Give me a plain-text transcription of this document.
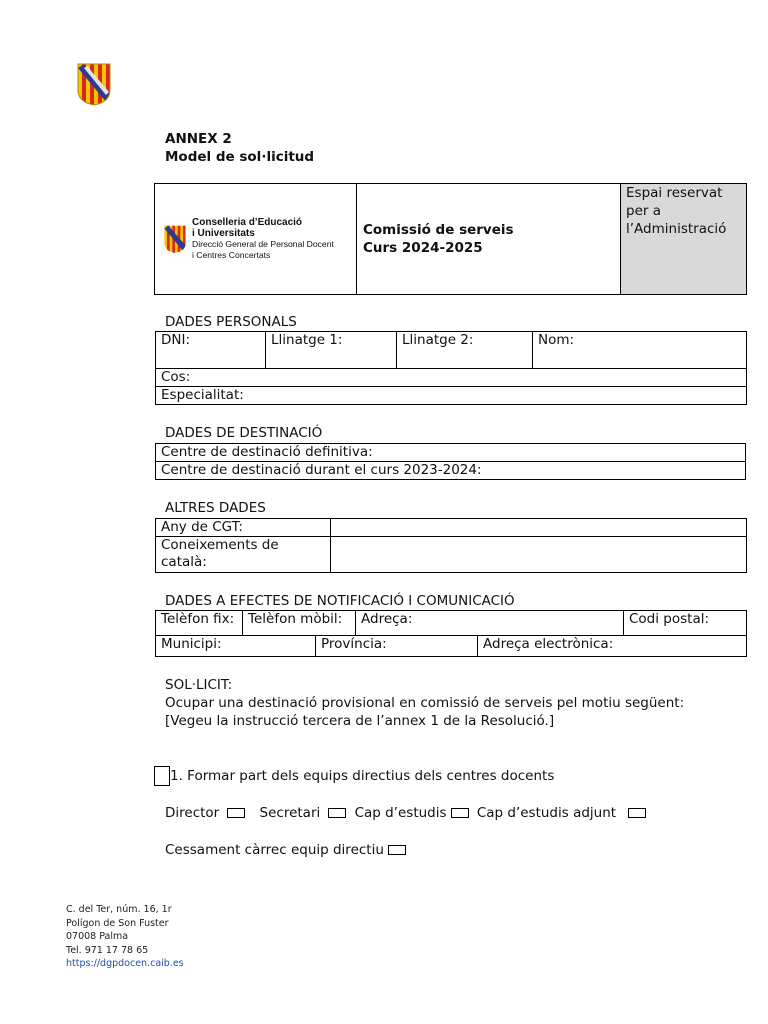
ANNEX 2
Model de sol·licitud
Conselleria d’Educació
i Universitats
Direcció General de Personal Docent
i Centres Concertats

Comissió de serveis
Curs 2024-2025

Espai reservat
per a
l’Administració
DADES PERSONALS
DNI:	Llinatge 1:	Llinatge 2:	Nom:
Cos:
Especialitat:
DADES DE DESTINACIÓ
Centre de destinació definitiva:
Centre de destinació durant el curs 2023-2024:
ALTRES DADES
Any de CGT:	

Coneixements de
català:	

DADES A EFECTES DE NOTIFICACIÓ I COMUNICACIÓ
Telèfon fix:	Telèfon mòbil:	Adreça:	Codi postal:
Municipi:	Província:	Adreça electrònica:
SOL·LICIT:
Ocupar una destinació provisional en comissió de serveis pel motiu següent:
[Vegeu la instrucció tercera de l’annex 1 de la Resolució.]
1. Formar part dels equips directius dels centres docents
Director	Secretari	Cap d’estudis Cap d’estudis adjunt
Cessament càrrec equip directiu
C. del Ter, núm. 16, 1r
Polígon de Son Fuster
07008 Palma
Tel. 971 17 78 65
https://dgpdocen.caib.es
